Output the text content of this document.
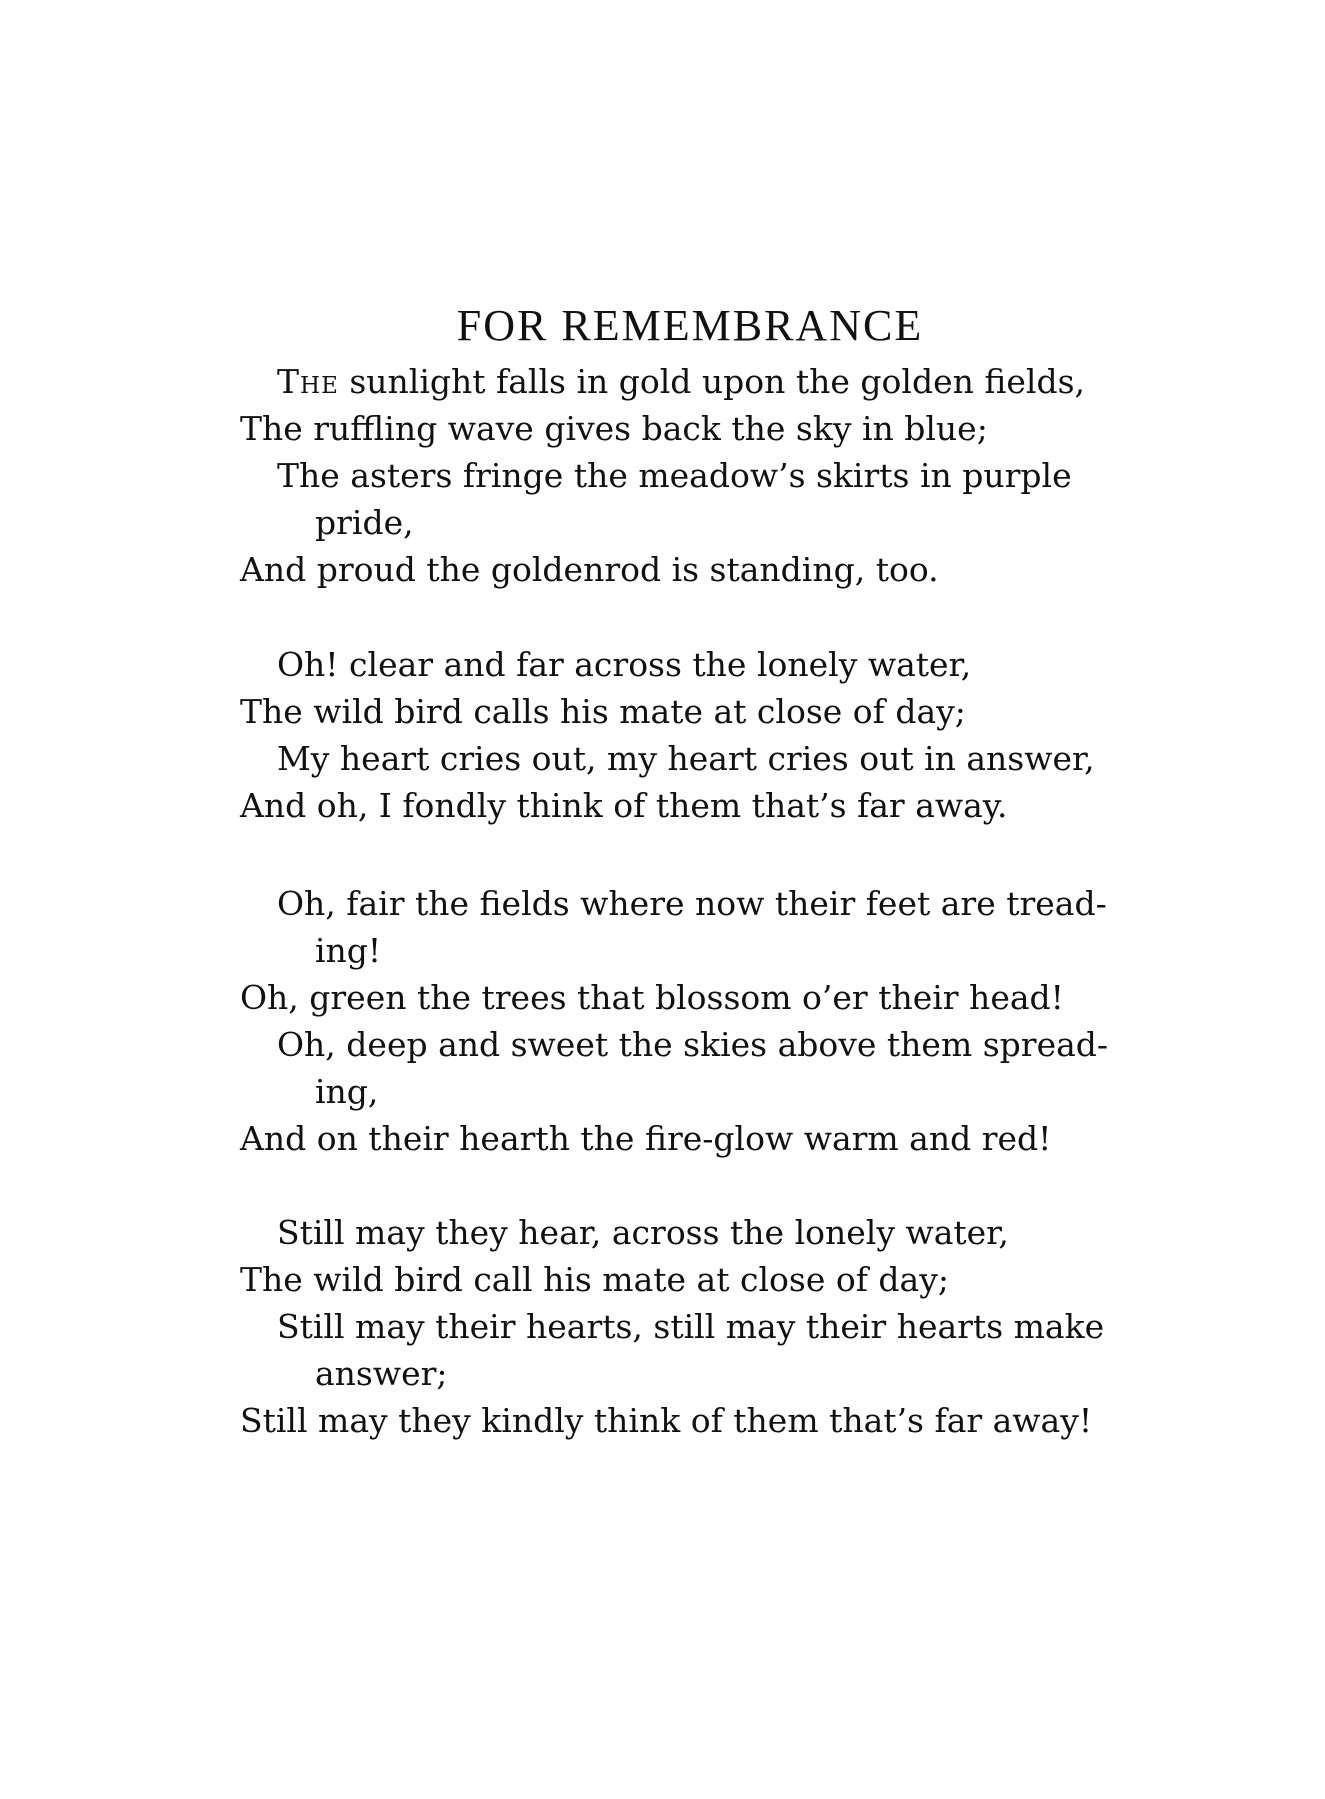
FOR REMEMBRANCE
The sunlight falls in gold upon the golden fields,
The ruffling wave gives back the sky in blue;
The asters fringe the meadow’s skirts in purple
pride,
And proud the goldenrod is standing, too.
Oh! clear and far across the lonely water,
The wild bird calls his mate at close of day;
My heart cries out, my heart cries out in answer,
And oh, I fondly think of them that’s far away.
Oh, fair the fields where now their feet are tread-
ing!
Oh, green the trees that blossom o’er their head!
Oh, deep and sweet the skies above them spread-
ing,
And on their hearth the fire-glow warm and red!
Still may they hear, across the lonely water,
The wild bird call his mate at close of day;
Still may their hearts, still may their hearts make
answer;
Still may they kindly think of them that’s far away!
